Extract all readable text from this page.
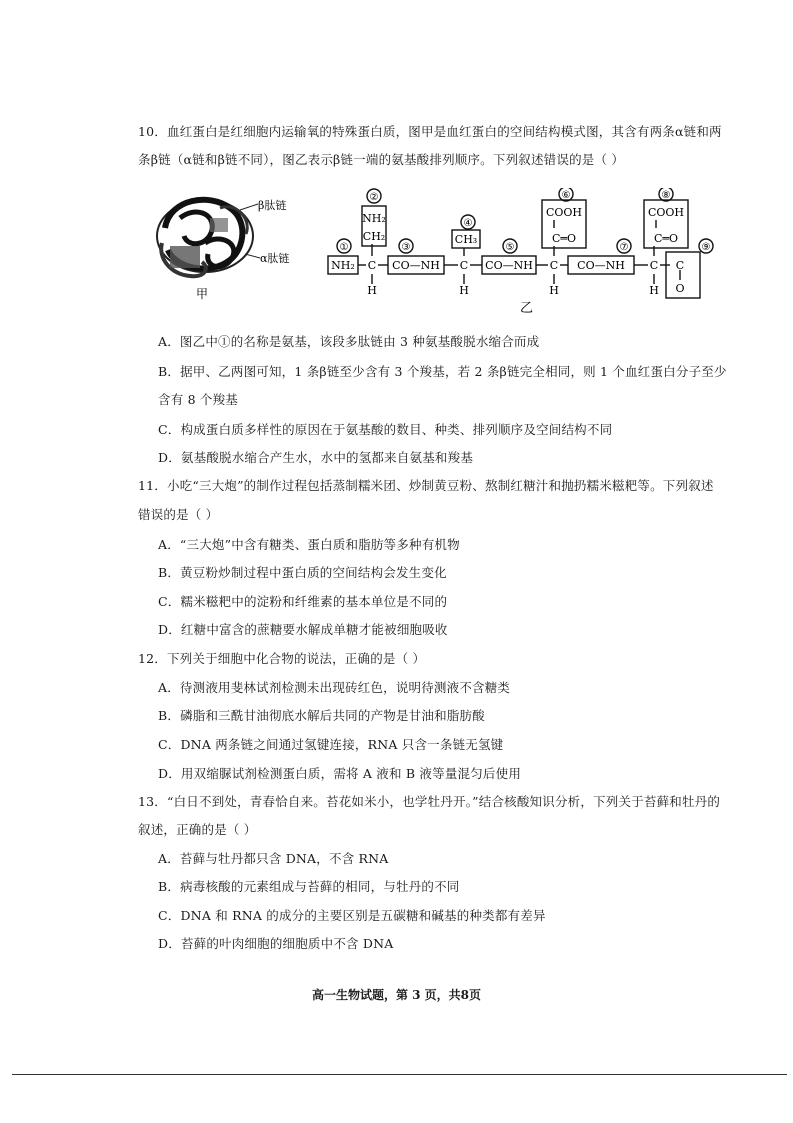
10．血红蛋白是红细胞内运输氧的特殊蛋白质，图甲是血红蛋白的空间结构模式图，其含有两条α链和两
条β链（α链和β链不同），图乙表示β链一端的氨基酸排列顺序。下列叙述错误的是（ ）
β肽链
α肽链
甲
①
②
③
④
⑤
⑥
⑦
⑧
⑨
NH₂
NH₂
CH₂
C
H
CO—NH
CH₃
C
H
CO—NH
COOH
C═O
C
H
CO—NH
COOH
C═O
C
H
C
O
乙
A．图乙中①的名称是氨基，该段多肽链由 3 种氨基酸脱水缩合而成
B．据甲、乙两图可知，1 条β链至少含有 3 个羧基，若 2 条β链完全相同，则 1 个血红蛋白分子至少
含有 8 个羧基
C．构成蛋白质多样性的原因在于氨基酸的数目、种类、排列顺序及空间结构不同
D．氨基酸脱水缩合产生水，水中的氢都来自氨基和羧基
11．小吃“三大炮”的制作过程包括蒸制糯米团、炒制黄豆粉、熬制红糖汁和抛扔糯米糍粑等。下列叙述
错误的是（ ）
A．“三大炮”中含有糖类、蛋白质和脂肪等多种有机物
B．黄豆粉炒制过程中蛋白质的空间结构会发生变化
C．糯米糍粑中的淀粉和纤维素的基本单位是不同的
D．红糖中富含的蔗糖要水解成单糖才能被细胞吸收
12．下列关于细胞中化合物的说法，正确的是（ ）
A．待测液用斐林试剂检测未出现砖红色，说明待测液不含糖类
B．磷脂和三酰甘油彻底水解后共同的产物是甘油和脂肪酸
C．DNA 两条链之间通过氢键连接，RNA 只含一条链无氢键
D．用双缩脲试剂检测蛋白质，需将 A 液和 B 液等量混匀后使用
13．“白日不到处，青春恰自来。苔花如米小，也学牡丹开。”结合核酸知识分析，下列关于苔藓和牡丹的
叙述，正确的是（ ）
A．苔藓与牡丹都只含 DNA，不含 RNA
B．病毒核酸的元素组成与苔藓的相同，与牡丹的不同
C．DNA 和 RNA 的成分的主要区别是五碳糖和碱基的种类都有差异
D．苔藓的叶肉细胞的细胞质中不含 DNA
高一生物试题，第 3 页，共8页
